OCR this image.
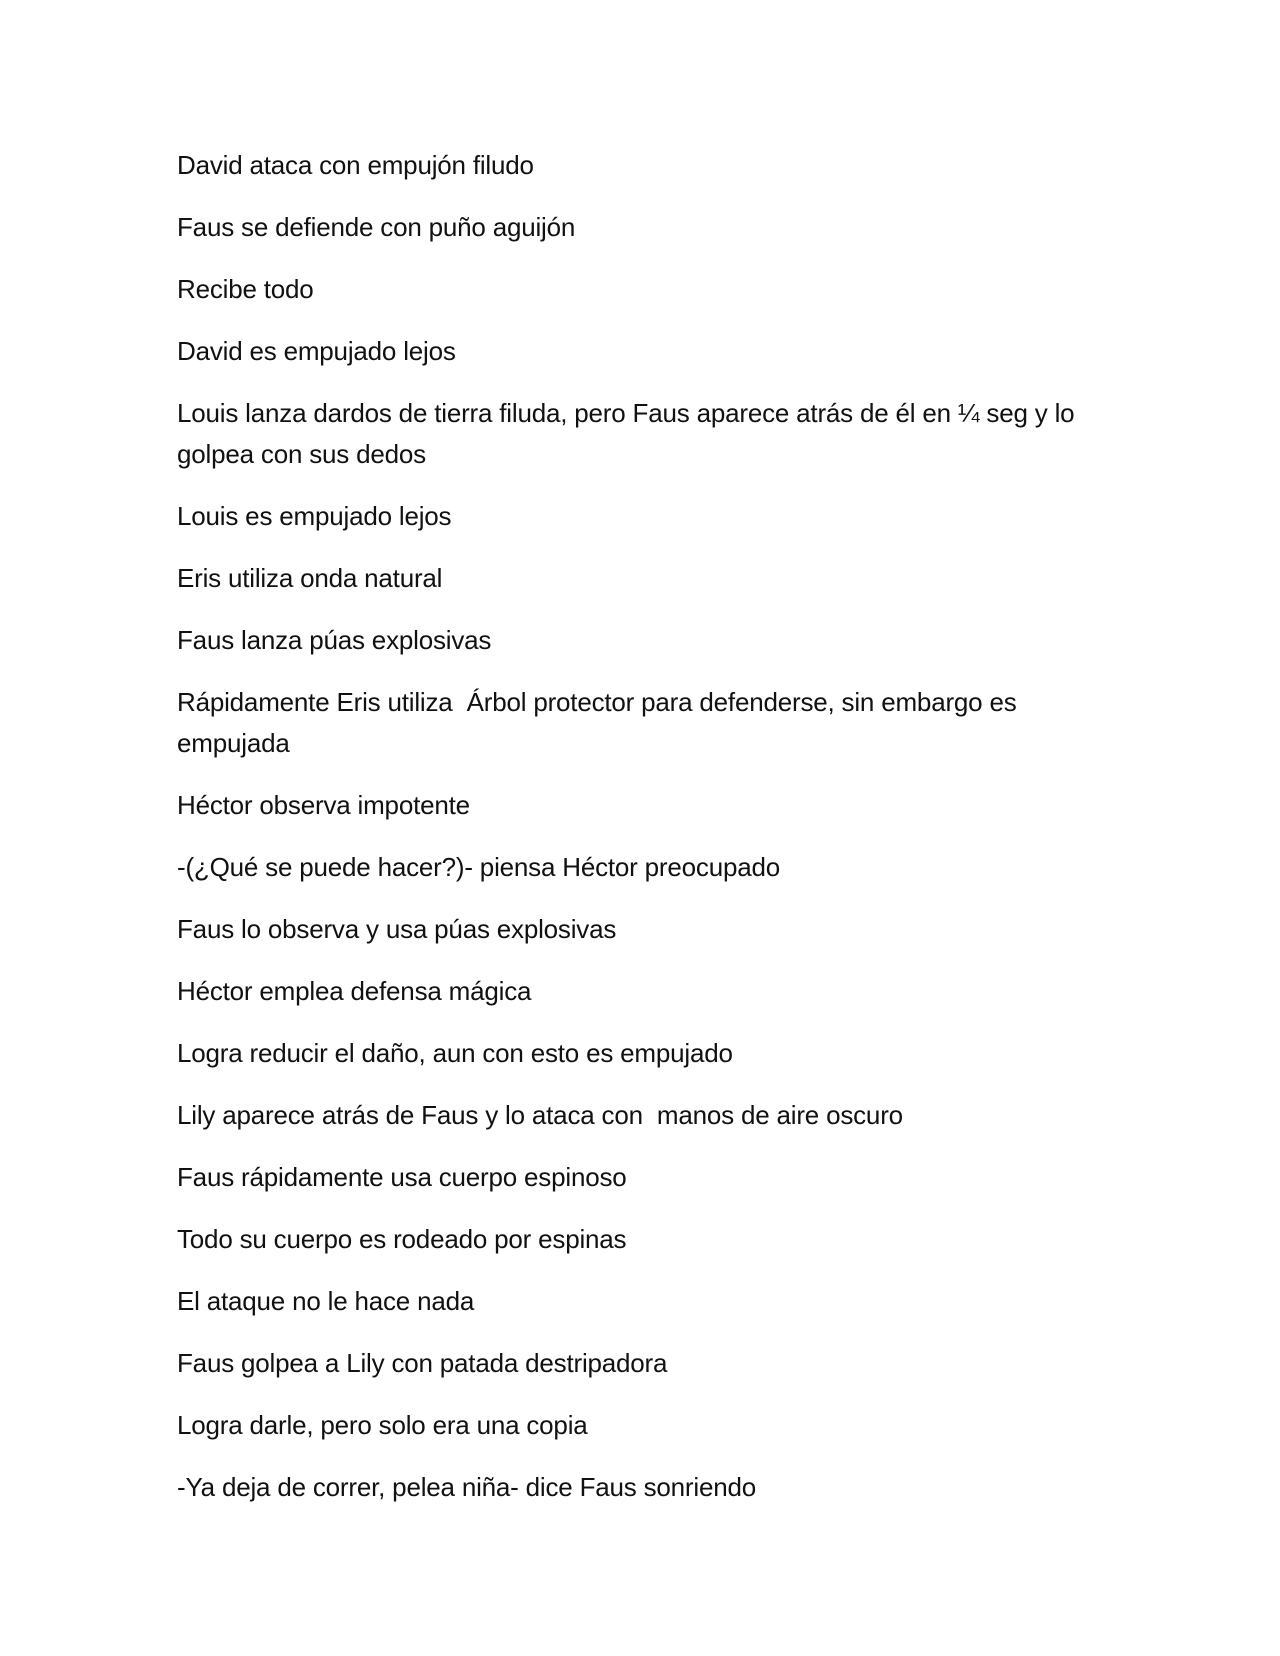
David ataca con empujón filudo

Faus se defiende con puño aguijón

Recibe todo

David es empujado lejos

Louis lanza dardos de tierra filuda, pero Faus aparece atrás de él en ¼ seg y lo golpea con sus dedos

Louis es empujado lejos

Eris utiliza onda natural

Faus lanza púas explosivas

Rápidamente Eris utiliza  Árbol protector para defenderse, sin embargo es empujada

Héctor observa impotente

-(¿Qué se puede hacer?)- piensa Héctor preocupado

Faus lo observa y usa púas explosivas

Héctor emplea defensa mágica

Logra reducir el daño, aun con esto es empujado

Lily aparece atrás de Faus y lo ataca con  manos de aire oscuro

Faus rápidamente usa cuerpo espinoso

Todo su cuerpo es rodeado por espinas

El ataque no le hace nada

Faus golpea a Lily con patada destripadora

Logra darle, pero solo era una copia

-Ya deja de correr, pelea niña- dice Faus sonriendo
